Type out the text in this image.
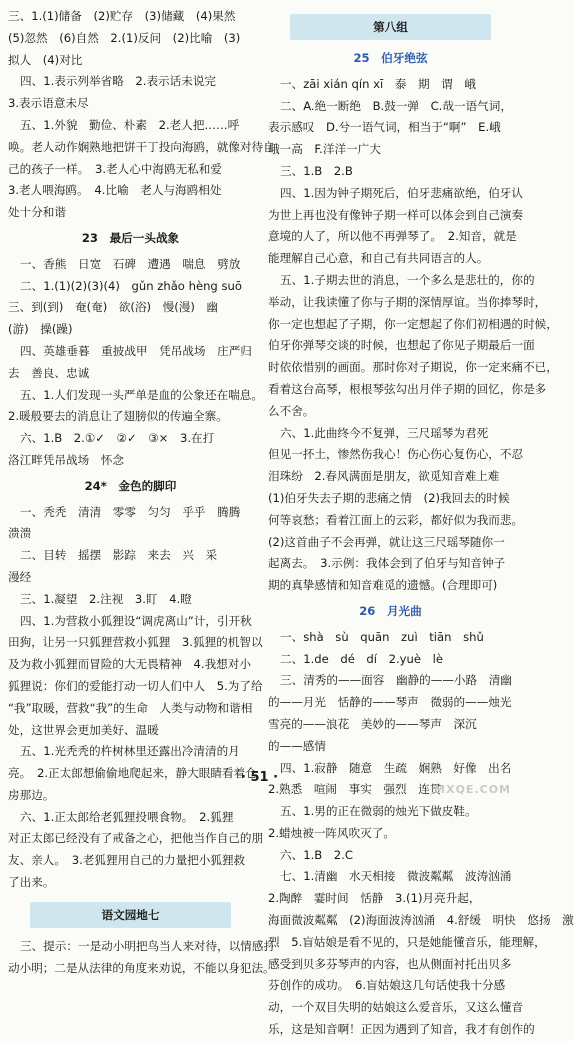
三、1.(1)储备　(2)贮存　(3)储藏　(4)果然
(5)忽然　(6)自然　2.(1)反问　(2)比喻　(3)
拟人　(4)对比
四、1.表示列举省略　2.表示话未说完
3.表示语意未尽
五、1.外貌　勤俭、朴素　2.老人把……呼
唤。老人动作娴熟地把饼干丁投向海鸥，就像对待自
己的孩子一样。　3.老人心中海鸥无私和爱
3.老人喂海鸥。　4.比喻　老人与海鸥相处
处十分和谐
23　最后一头战象
一、香熊　日宽　石碑　遭遇　喘息　劈放
二、1.(1)(2)(3)(4)　gǔn zhǎo hèng suō
三、到(到)　奄(奄)　欲(浴)　慢(漫)　幽
(游)　操(躁)
四、英雄垂暮　重披战甲　凭吊战场　庄严归
去　善良、忠诚
五、1.人们发现一头严单是血的公象还在喘息。
2.暖般要去的消息让了翅膀似的传遍全寨。
六、1.B　2.①✓　②✓　③×　3.在打
洛江畔凭吊战场　怀念
24*　金色的脚印
一、秃秃　清清　零零　匀匀　乎乎　腾腾
溃溃
二、目转　摇摆　影踪　来去　兴　采
漫经
三、1.凝望　2.注视　3.盯　4.瞪
四、1.为营救小狐狸设“调虎离山”计，引开秋
田狗，让另一只狐狸营救小狐狸　3.狐狸的机智以
及为救小狐狸而冒险的大无畏精神　4.我想对小
狐狸说：你们的爱能打动一切人们中人　5.为了给
“我”取暖，营救“我”的生命　人类与动物和谐相
处，这世界会更加美好、温暖
五、1.光秃秃的杵树林里还露出冷清清的月
亮。　2.正太郎想偷偷地爬起来，静大眼睛看着仓
房那边。
六、1.正太郎给老狐狸投喂食物。　2.狐狸
对正太郎已经没有了戒备之心，把他当作自己的朋
友、亲人。　3.老狐狸用自己的力量把小狐狸救
了出来。
语文园地七
三、提示：一是动小明把鸟当人来对待，以情感打
动小明；二是从法律的角度来劝说，不能以身犯法。
第八组
25　伯牙绝弦
一、zāi xián qín xī　泰　期　谓　峨
二、A.绝一断绝　B.鼓一弹　C.哉一语气词，
表示感叹　D.兮一语气词，相当于“啊”　E.峨
峨一高　F.洋洋一广大
三、1.B　2.B
四、1.因为钟子期死后，伯牙悲痛欲绝，伯牙认
为世上再也没有像钟子期一样可以体会到自己演奏
意境的人了，所以他不再弹琴了。　2.知音，就是
能理解自己心意，和自己有共同语言的人。
五、1.子期去世的消息，一个多么是悲壮的，你的
举动，让我读懂了你与子期的深情厚谊。当你捧琴时，
你一定也想起了子期，你一定想起了你们初相遇的时候，
伯牙你弹琴交谈的时候，也想起了你见子期最后一面
时依依惜别的画面。那时你对子期说，你一定来痛不已，
看着这台高琴，根根琴弦勾出月伴子期的回忆，你是多
么不舍。
六、1.此曲终今不复弹，三尺瑶琴为君死
但见一抔土，惨然伤我心！伤心伤心复伤心，不忍
泪珠纷　2.春风满面是朋友，欲觅知音难上难
(1)伯牙失去子期的悲痛之情　(2)我回去的时候
何等哀愁；看着江面上的云彩，都好似为我而悲。
(2)这首曲子不会再弹，就让这三尺瑶琴随你一
起离去。　3.示例：我体会到了伯牙与知音钟子
期的真挚感情和知音难觅的遗憾。(合理即可)
26　月光曲
一、shà　sù　quān　zuì　tiān　shǔ
二、1.de　dé　dí　2.yuè　lè
三、清秀的——面容　幽静的——小路　清幽
的——月光　恬静的——琴声　微弱的——烛光
雪亮的——浪花　美妙的——琴声　深沉
的——感情
四、1.寂静　随意　生疏　娴熟　好像　出名
2.熟悉　喧闹　事实　强烈　连贯
五、1.男的正在微弱的烛光下做皮鞋。
2.蜡烛被一阵风吹灭了。
六、1.B　2.C
七、1.清幽　水天相接　微波粼粼　波涛汹涌
2.陶醉　霎时间　恬静　3.(1)月亮升起，
海面微波粼粼　(2)海面波涛汹涌　4.舒缓　明快　悠扬　激
烈　5.盲姑娘是看不见的，只是她能懂音乐，能理解，
感受到贝多芬琴声的内容，也从侧面衬托出贝多
芬创作的成功。　6.盲姑娘这几句话使我十分感
动，一个双目失明的姑娘这么爱音乐，又这么懂音
乐，这是知音啊！正因为遇到了知音，我才有创作的
· 51 ·
MXQE.COM
